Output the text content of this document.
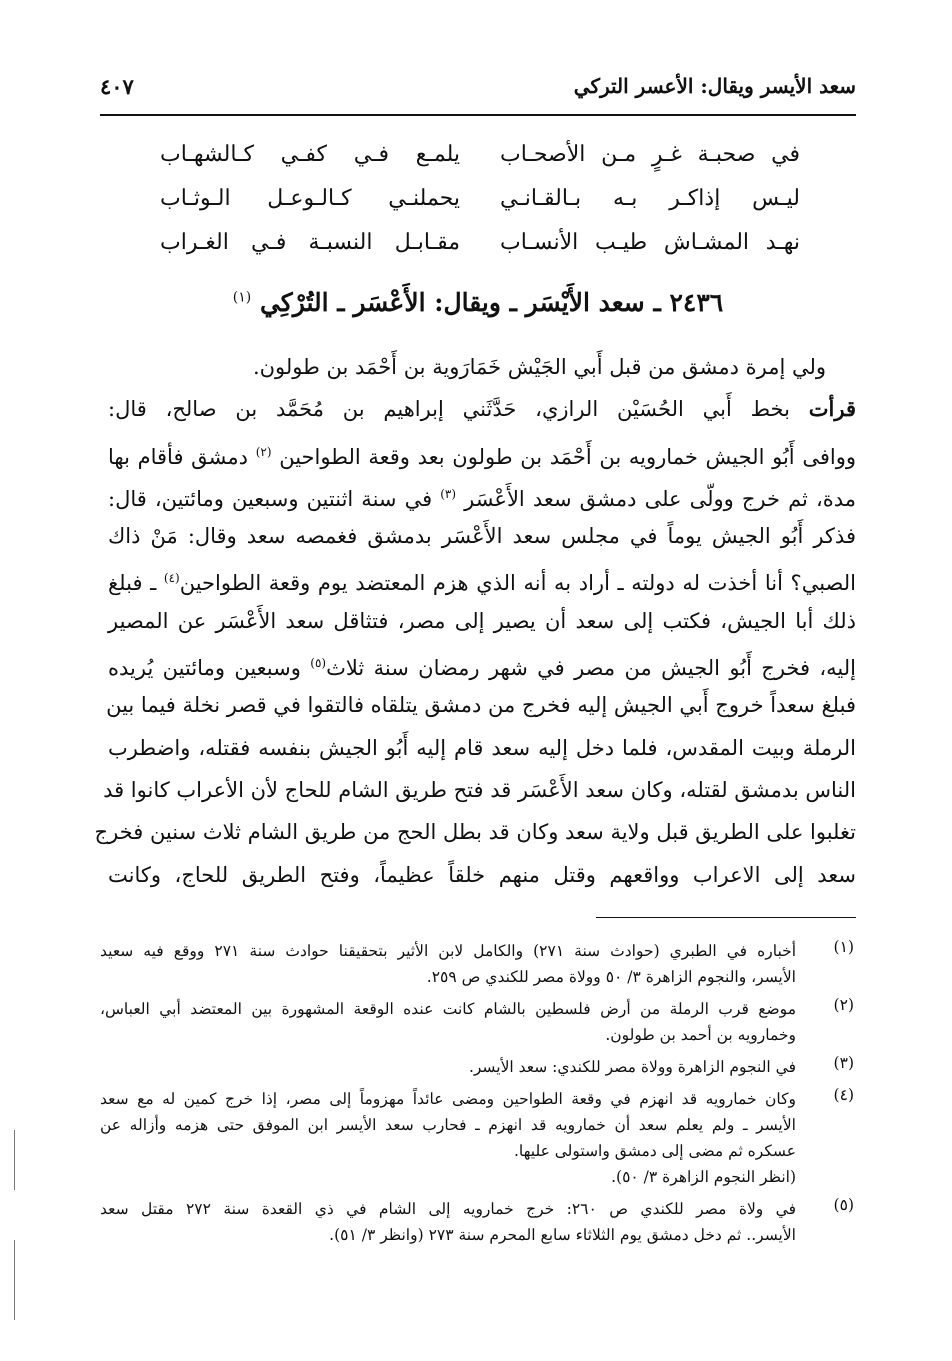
سعد الأيسر ويقال: الأعسر التركي
٤٠٧
في صحبـة غـرٍ مـن الأصحـاب
يلمـع فـي كفـي كـالشهـاب
ليـس إذاكـر بـه بـالقـانـي
يحملنـي كـالـوعـل الـوثـاب
نهـد المشـاش طيـب الأنسـاب
مقـابـل النسبـة فـي الغـراب
٢٤٣٦ ـ سعد الأَيْسَر ـ ويقال: الأَعْسَر ـ التُرْكِي $^{(١)}$
ولي إمرة دمشق من قبل أَبي الجَيْش خَمَارَوية بن أَحْمَد بن طولون.
قرأت بخط أَبي الحُسَيْن الرازي، حَدَّثَني إبراهيم بن مُحَمَّد بن صالح، قال:
ووافى أَبُو الجيش خمارويه بن أَحْمَد بن طولون بعد وقعة الطواحين $^{(٢)}$ دمشق فأقام بها
مدة، ثم خرج وولّى على دمشق سعد الأَعْسَر $^{(٣)}$ في سنة اثنتين وسبعين ومائتين، قال:
فذكر أَبُو الجيش يوماً في مجلس سعد الأَعْسَر بدمشق فغمصه سعد وقال: مَنْ ذاك
الصبي؟ أنا أخذت له دولته ـ أراد به أنه الذي هزم المعتضد يوم وقعة الطواحين$^{(٤)}$ ـ فبلغ
ذلك أبا الجيش، فكتب إلى سعد أن يصير إلى مصر، فتثاقل سعد الأَعْسَر عن المصير
إليه، فخرج أَبُو الجيش من مصر في شهر رمضان سنة ثلاث$^{(٥)}$ وسبعين ومائتين يُريده
فبلغ سعداً خروج أَبي الجيش إليه فخرج من دمشق يتلقاه فالتقوا في قصر نخلة فيما بين
الرملة وبيت المقدس، فلما دخل إليه سعد قام إليه أَبُو الجيش بنفسه فقتله، واضطرب
الناس بدمشق لقتله، وكان سعد الأَعْسَر قد فتح طريق الشام للحاج لأن الأعراب كانوا قد
تغلبوا على الطريق قبل ولاية سعد وكان قد بطل الحج من طريق الشام ثلاث سنين فخرج
سعد إلى الاعراب وواقعهم وقتل منهم خلقاً عظيماً، وفتح الطريق للحاج، وكانت
(١)
أخباره في الطبري (حوادث سنة ٢٧١) والكامل لابن الأثير بتحقيقنا حوادث سنة ٢٧١ ووقع فيه سعيد
الأيسر، والنجوم الزاهرة ٣/ ٥٠ وولاة مصر للكندي ص ٢٥٩.
(٢)
موضع قرب الرملة من أرض فلسطين بالشام كانت عنده الوقعة المشهورة بين المعتضد أبي العباس،
وخمارويه بن أحمد بن طولون.
(٣)
في النجوم الزاهرة وولاة مصر للكندي: سعد الأيسر.
(٤)
وكان خمارويه قد انهزم في وقعة الطواحين ومضى عائداً مهزوماً إلى مصر، إذا خرج كمين له مع سعد
الأيسر ـ ولم يعلم سعد أن خمارويه قد انهزم ـ فحارب سعد الأيسر ابن الموفق حتى هزمه وأزاله عن
عسكره ثم مضى إلى دمشق واستولى عليها.
(انظر النجوم الزاهرة ٣/ ٥٠).
(٥)
في ولاة مصر للكندي ص ٢٦٠: خرج خمارويه إلى الشام في ذي القعدة سنة ٢٧٢ مقتل سعد
الأيسر.. ثم دخل دمشق يوم الثلاثاء سابع المحرم سنة ٢٧٣ (وانظر ٣/ ٥١).
